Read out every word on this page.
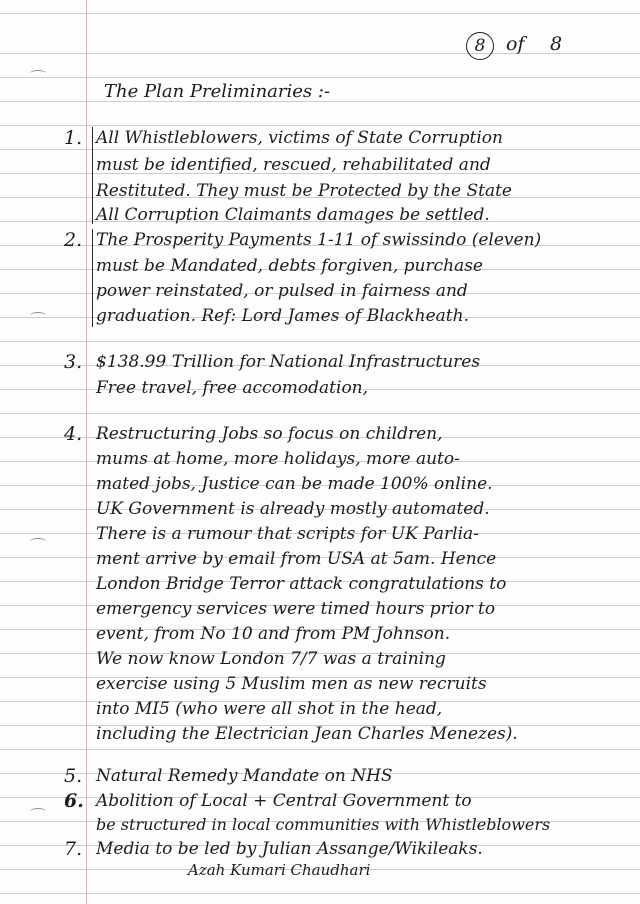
8	of 8
The Plan Preliminaries :-
1. All Whistleblowers, victims of State Corruption
must be identified, rescued, rehabilitated and
Restituted. They must be Protected by the State
All Corruption Claimants damages be settled.
2. The Prosperity Payments 1-11 of swissindo (eleven)
must be Mandated, debts forgiven, purchase
power reinstated, or pulsed in fairness and
graduation. Ref: Lord James of Blackheath.
3. $138.99 Trillion for National Infrastructures
Free travel, free accomodation,
4. Restructuring Jobs so focus on children,
mums at home, more holidays, more auto-
mated jobs, Justice can be made 100% online.
UK Government is already mostly automated.
There is a rumour that scripts for UK Parlia-
ment arrive by email from USA at 5am. Hence
London Bridge Terror attack congratulations to
emergency services were timed hours prior to
event, from No 10 and from PM Johnson.
We now know London 7/7 was a training
exercise using 5 Muslim men as new recruits
into MI5 (who were all shot in the head,
including the Electrician Jean Charles Menezes).
5. Natural Remedy Mandate on NHS
6. Abolition of Local + Central Government to
be structured in local communities with Whistleblowers
7. Media to be led by Julian Assange/Wikileaks.
Azah Kumari Chaudhari
